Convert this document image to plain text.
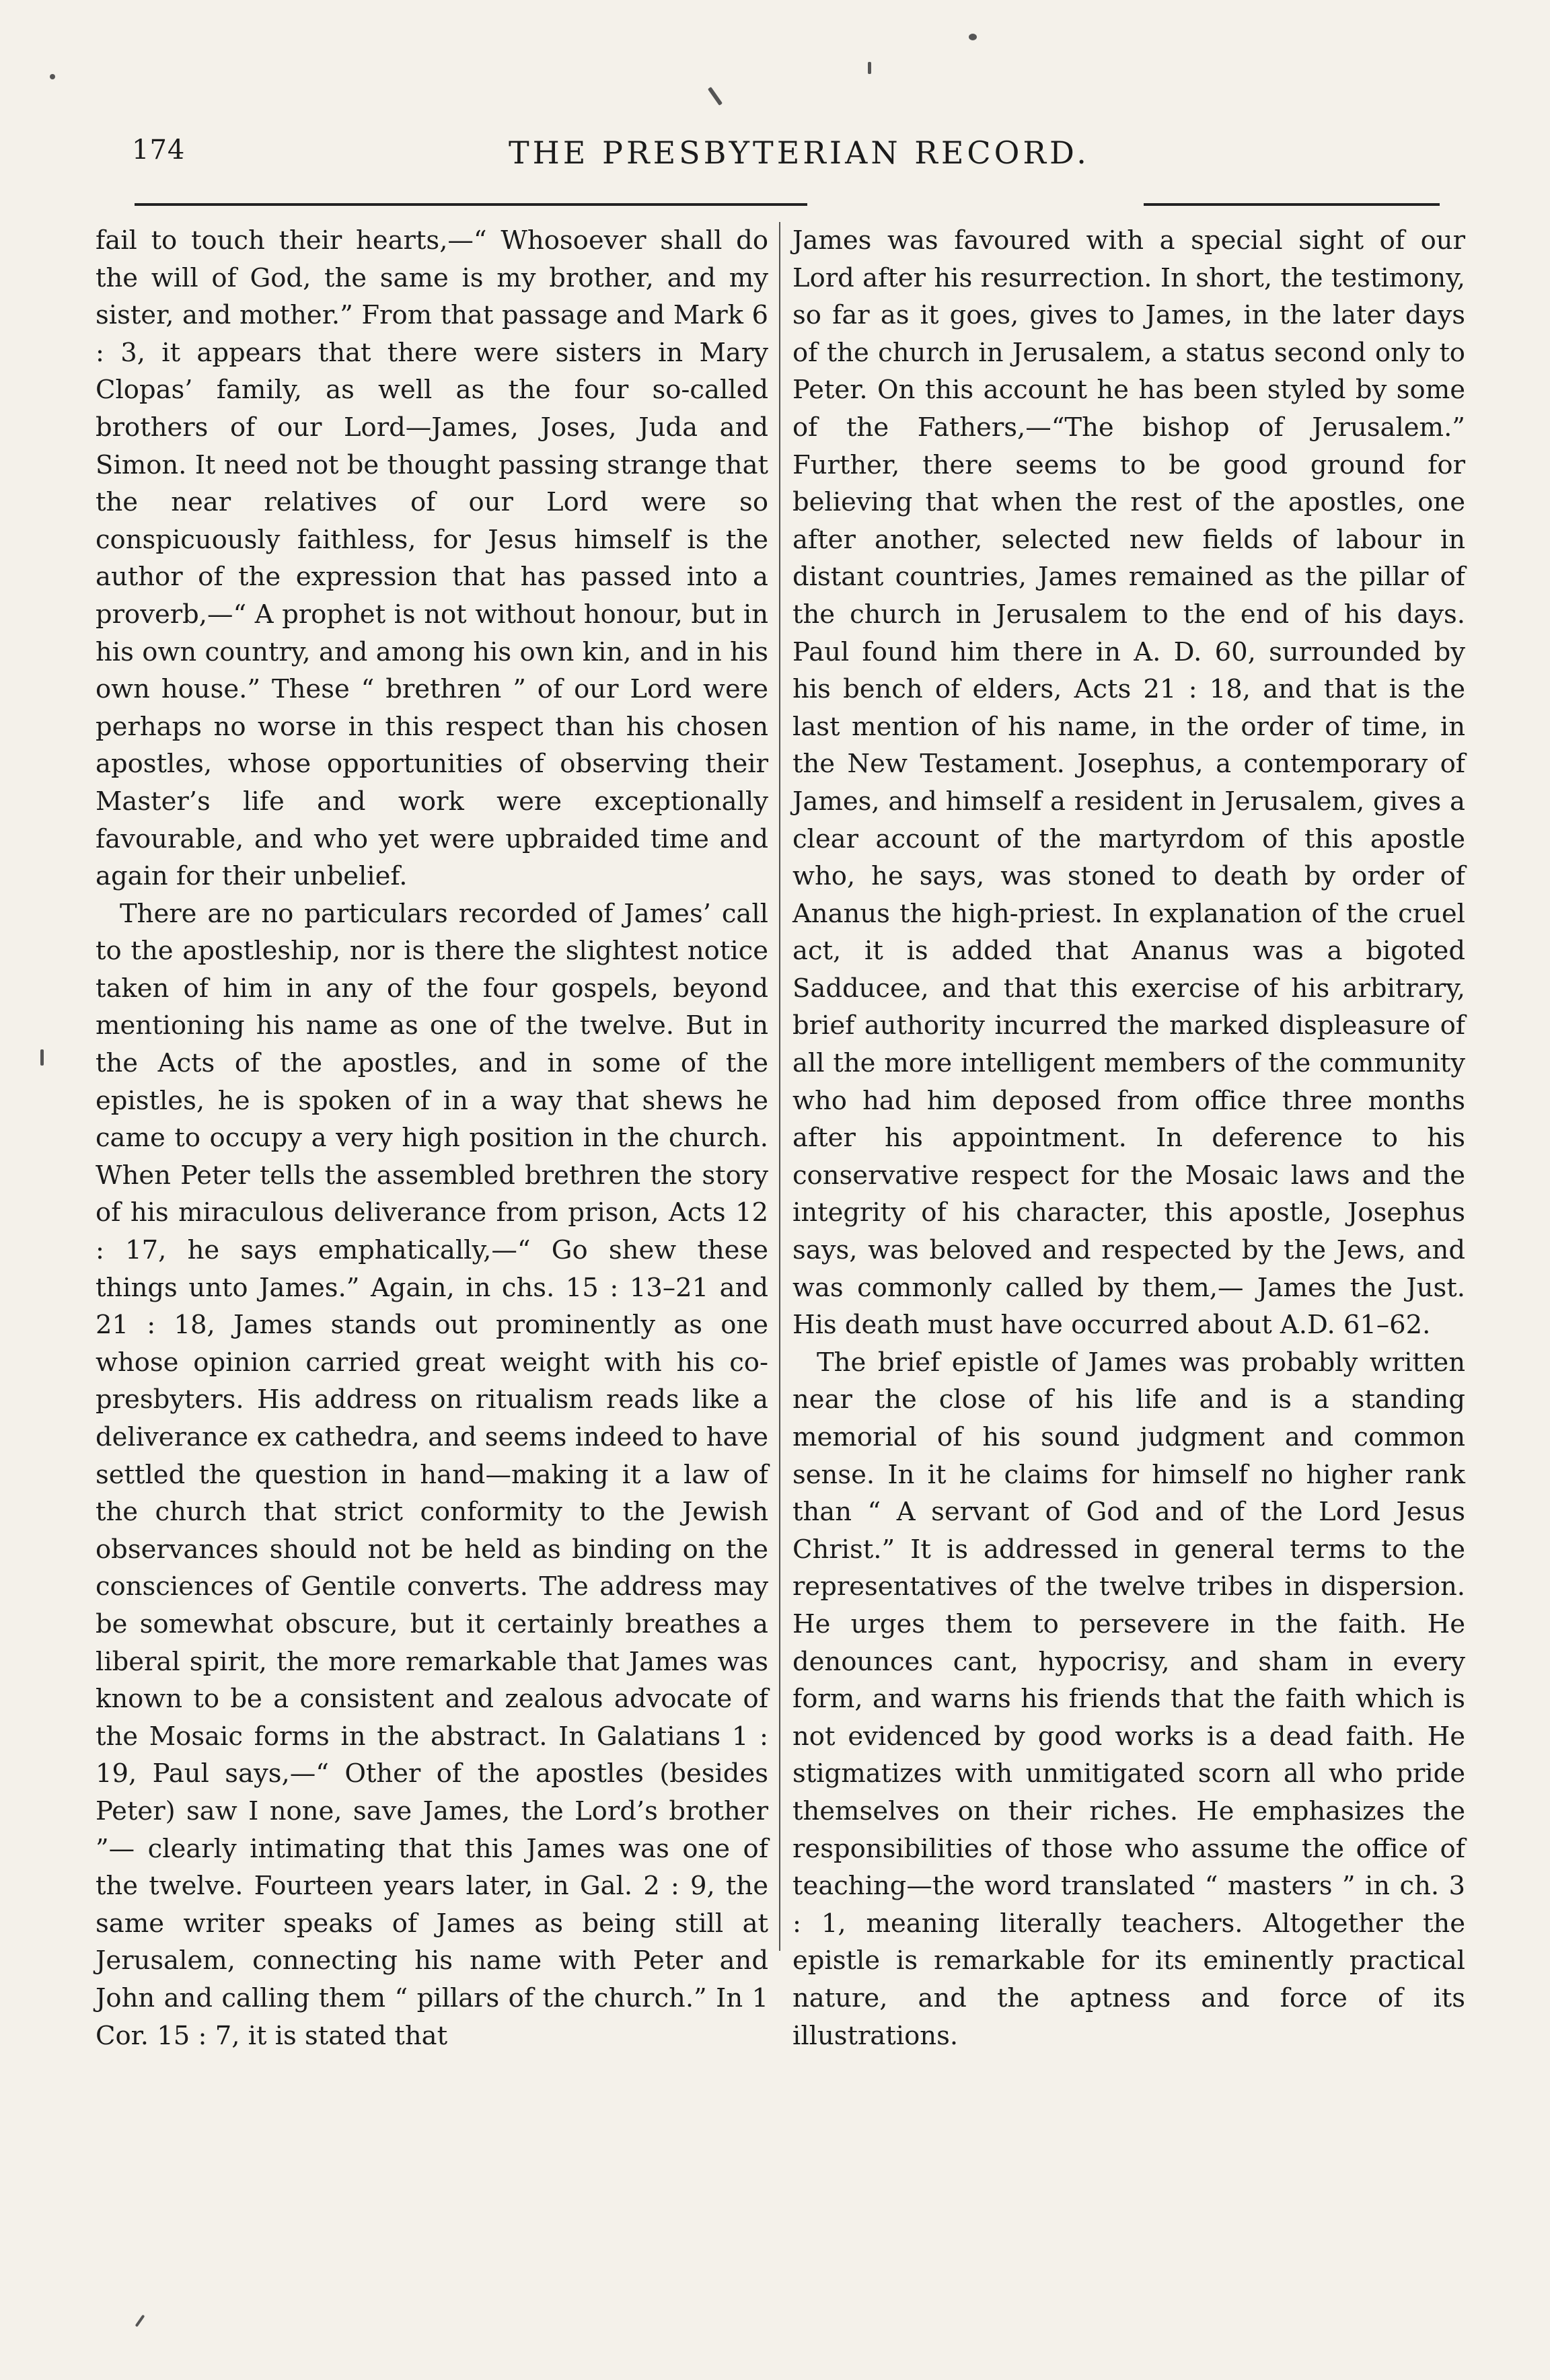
174	THE PRESBYTERIAN RECORD.

fail to touch their hearts,—“ Whosoever shall do the will of God, the same is my brother, and my sister, and mother.” From that passage and Mark 6 : 3, it appears that there were sisters in Mary Clopas’ family, as well as the four so-called brothers of our Lord—James, Joses, Juda and Simon. It need not be thought passing strange that the near relatives of our Lord were so conspicuously faithless, for Jesus himself is the author of the expression that has passed into a proverb,—“ A prophet is not without honour, but in his own country, and among his own kin, and in his own house.” These “ brethren ” of our Lord were perhaps no worse in this respect than his chosen apostles, whose opportunities of observing their Master’s life and work were exceptionally favourable, and who yet were upbraided time and again for their unbelief.

There are no particulars recorded of James’ call to the apostleship, nor is there the slightest notice taken of him in any of the four gospels, beyond mentioning his name as one of the twelve. But in the Acts of the apostles, and in some of the epistles, he is spoken of in a way that shews he came to occupy a very high position in the church. When Peter tells the assembled brethren the story of his miraculous deliverance from prison, Acts 12 : 17, he says emphatically,—“ Go shew these things unto James.” Again, in chs. 15 : 13–21 and 21 : 18, James stands out prominently as one whose opinion carried great weight with his co-presbyters. His address on ritualism reads like a deliverance ex cathedra, and seems indeed to have settled the question in hand—making it a law of the church that strict conformity to the Jewish observances should not be held as binding on the consciences of Gentile converts. The address may be somewhat obscure, but it certainly breathes a liberal spirit, the more remarkable that James was known to be a consistent and zealous advocate of the Mosaic forms in the abstract. In Galatians 1 : 19, Paul says,—“ Other of the apostles (besides Peter) saw I none, save James, the Lord’s brother ”— clearly intimating that this James was one of the twelve. Fourteen years later, in Gal. 2 : 9, the same writer speaks of James as being still at Jerusalem, connecting his name with Peter and John and calling them “ pillars of the church.” In 1 Cor. 15 : 7, it is stated that

James was favoured with a special sight of our Lord after his resurrection. In short, the testimony, so far as it goes, gives to James, in the later days of the church in Jerusalem, a status second only to Peter. On this account he has been styled by some of the Fathers,—“The bishop of Jerusalem.” Further, there seems to be good ground for believing that when the rest of the apostles, one after another, selected new fields of labour in distant countries, James remained as the pillar of the church in Jerusalem to the end of his days. Paul found him there in A. D. 60, surrounded by his bench of elders, Acts 21 : 18, and that is the last mention of his name, in the order of time, in the New Testament. Josephus, a contemporary of James, and himself a resident in Jerusalem, gives a clear account of the martyrdom of this apostle who, he says, was stoned to death by order of Ananus the high-priest. In explanation of the cruel act, it is added that Ananus was a bigoted Sadducee, and that this exercise of his arbitrary, brief authority incurred the marked displeasure of all the more intelligent members of the community who had him deposed from office three months after his appointment. In deference to his conservative respect for the Mosaic laws and the integrity of his character, this apostle, Josephus says, was beloved and respected by the Jews, and was commonly called by them,— James the Just. His death must have occurred about A.D. 61–62.

The brief epistle of James was probably written near the close of his life and is a standing memorial of his sound judgment and common sense. In it he claims for himself no higher rank than “ A servant of God and of the Lord Jesus Christ.” It is addressed in general terms to the representatives of the twelve tribes in dispersion. He urges them to persevere in the faith. He denounces cant, hypocrisy, and sham in every form, and warns his friends that the faith which is not evidenced by good works is a dead faith. He stigmatizes with unmitigated scorn all who pride themselves on their riches. He emphasizes the responsibilities of those who assume the office of teaching—the word translated “ masters ” in ch. 3 : 1, meaning literally teachers. Altogether the epistle is remarkable for its eminently practical nature, and the aptness and force of its illustrations.
